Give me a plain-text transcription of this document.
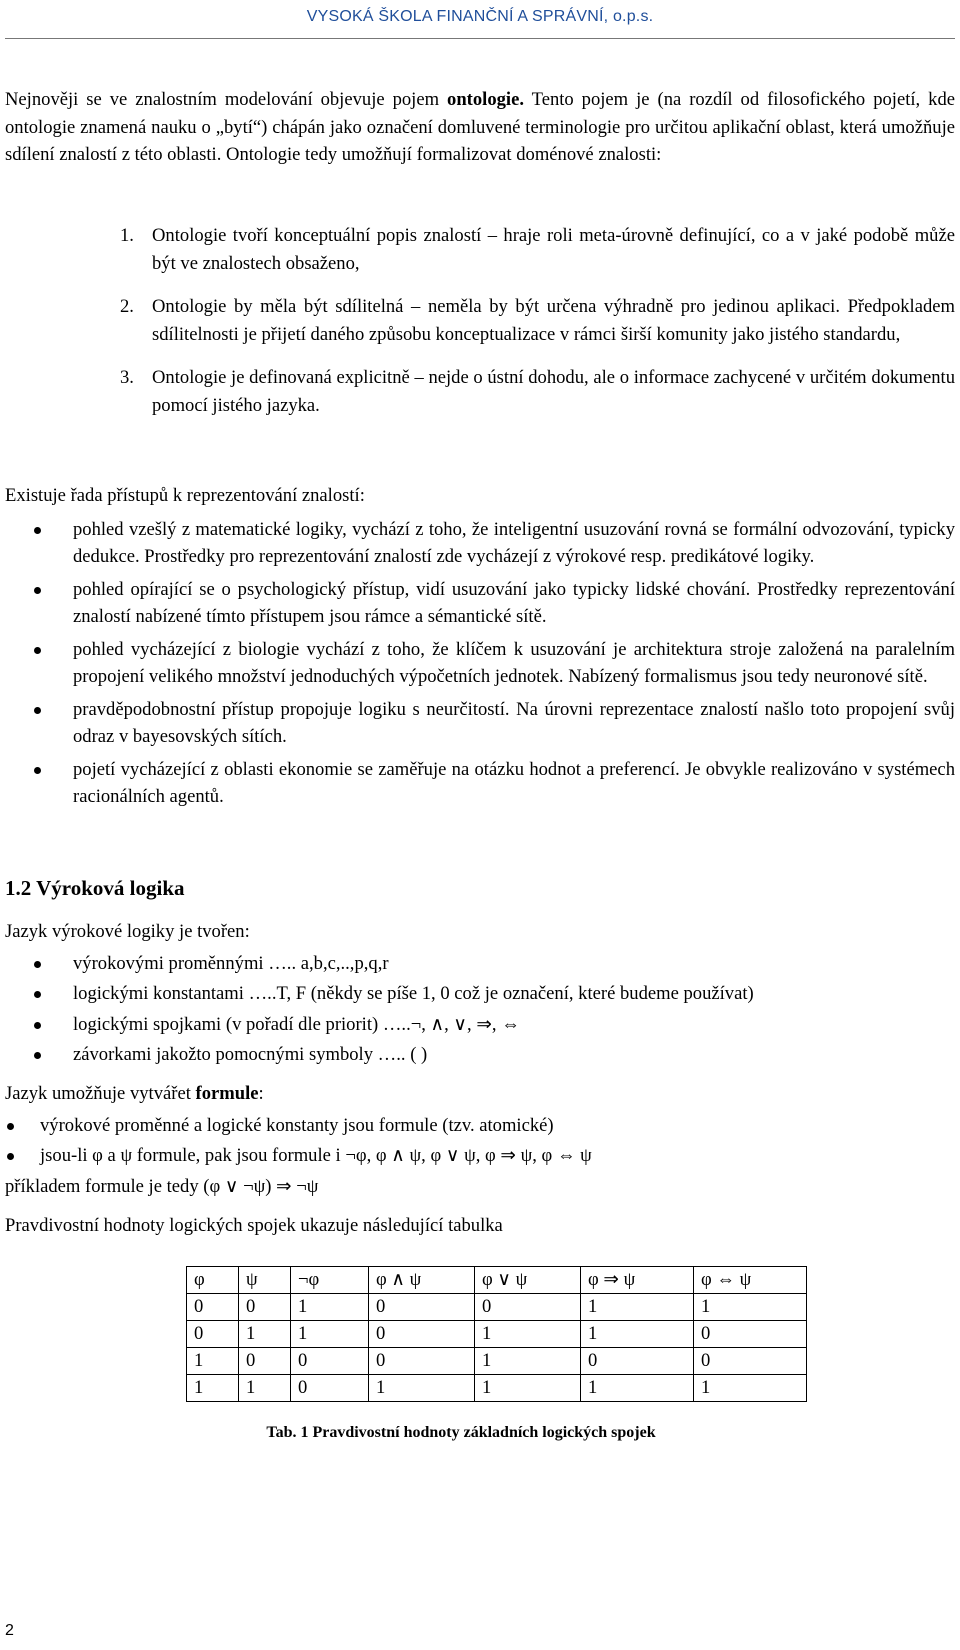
VYSOKÁ ŠKOLA FINANČNÍ A SPRÁVNÍ, o.p.s.
Nejnověji se ve znalostním modelování objevuje pojem ontologie. Tento pojem je (na rozdíl od filosofického pojetí, kde ontologie znamená nauku o „bytí“) chápán jako označení domluvené terminologie pro určitou aplikační oblast, která umožňuje sdílení znalostí z této oblasti. Ontologie tedy umožňují formalizovat doménové znalosti:
1. Ontologie tvoří konceptuální popis znalostí – hraje roli meta-úrovně definující, co a v jaké podobě může být ve znalostech obsaženo,
2. Ontologie by měla být sdílitelná – neměla by být určena výhradně pro jedinou aplikaci. Předpokladem sdílitelnosti je přijetí daného způsobu konceptualizace v rámci širší komunity jako jistého standardu,
3. Ontologie je definovaná explicitně – nejde o ústní dohodu, ale o informace zachycené v určitém dokumentu pomocí jistého jazyka.
Existuje řada přístupů k reprezentování znalostí:
pohled vzešlý z matematické logiky, vychází z toho, že inteligentní usuzování rovná se formální odvozování, typicky dedukce. Prostředky pro reprezentování znalostí zde vycházejí z výrokové resp. predikátové logiky.
pohled opírající se o psychologický přístup, vidí usuzování jako typicky lidské chování. Prostředky reprezentování znalostí nabízené tímto přístupem jsou rámce a sémantické sítě.
pohled vycházející z biologie vychází z toho, že klíčem k usuzování je architektura stroje založená na paralelním propojení velikého množství jednoduchých výpočetních jednotek. Nabízený formalismus jsou tedy neuronové sítě.
pravděpodobnostní přístup propojuje logiku s neurčitostí. Na úrovni reprezentace znalostí našlo toto propojení svůj odraz v bayesovských sítích.
pojetí vycházející z oblasti ekonomie se zaměřuje na otázku hodnot a preferencí. Je obvykle realizováno v systémech racionálních agentů.
1.2 Výroková logika
Jazyk výrokové logiky je tvořen:
výrokovými proměnnými ….. a,b,c,..,p,q,r
logickými konstantami …..T, F (někdy se píše 1, 0 což je označení, které budeme používat)
logickými spojkami (v pořadí dle priorit) …..¬, ∧, ∨, ⇒, ⇔
závorkami jakožto pomocnými symboly ….. ( )
Jazyk umožňuje vytvářet formule:
výrokové proměnné a logické konstanty jsou formule (tzv. atomické)
jsou-li φ a ψ formule, pak jsou formule i ¬φ, φ ∧ ψ, φ ∨ ψ, φ ⇒ ψ, φ ⇔ ψ
příkladem formule je tedy (φ ∨ ¬ψ) ⇒ ¬ψ
Pravdivostní hodnoty logických spojek ukazuje následující tabulka
φ	ψ	¬φ	φ ∧ ψ	φ ∨ ψ	φ ⇒ ψ	φ ⇔ ψ
0	0	1	0	0	1	1
0	1	1	0	1	1	0
1	0	0	0	1	0	0
1	1	0	1	1	1	1
Tab. 1 Pravdivostní hodnoty základních logických spojek
2
